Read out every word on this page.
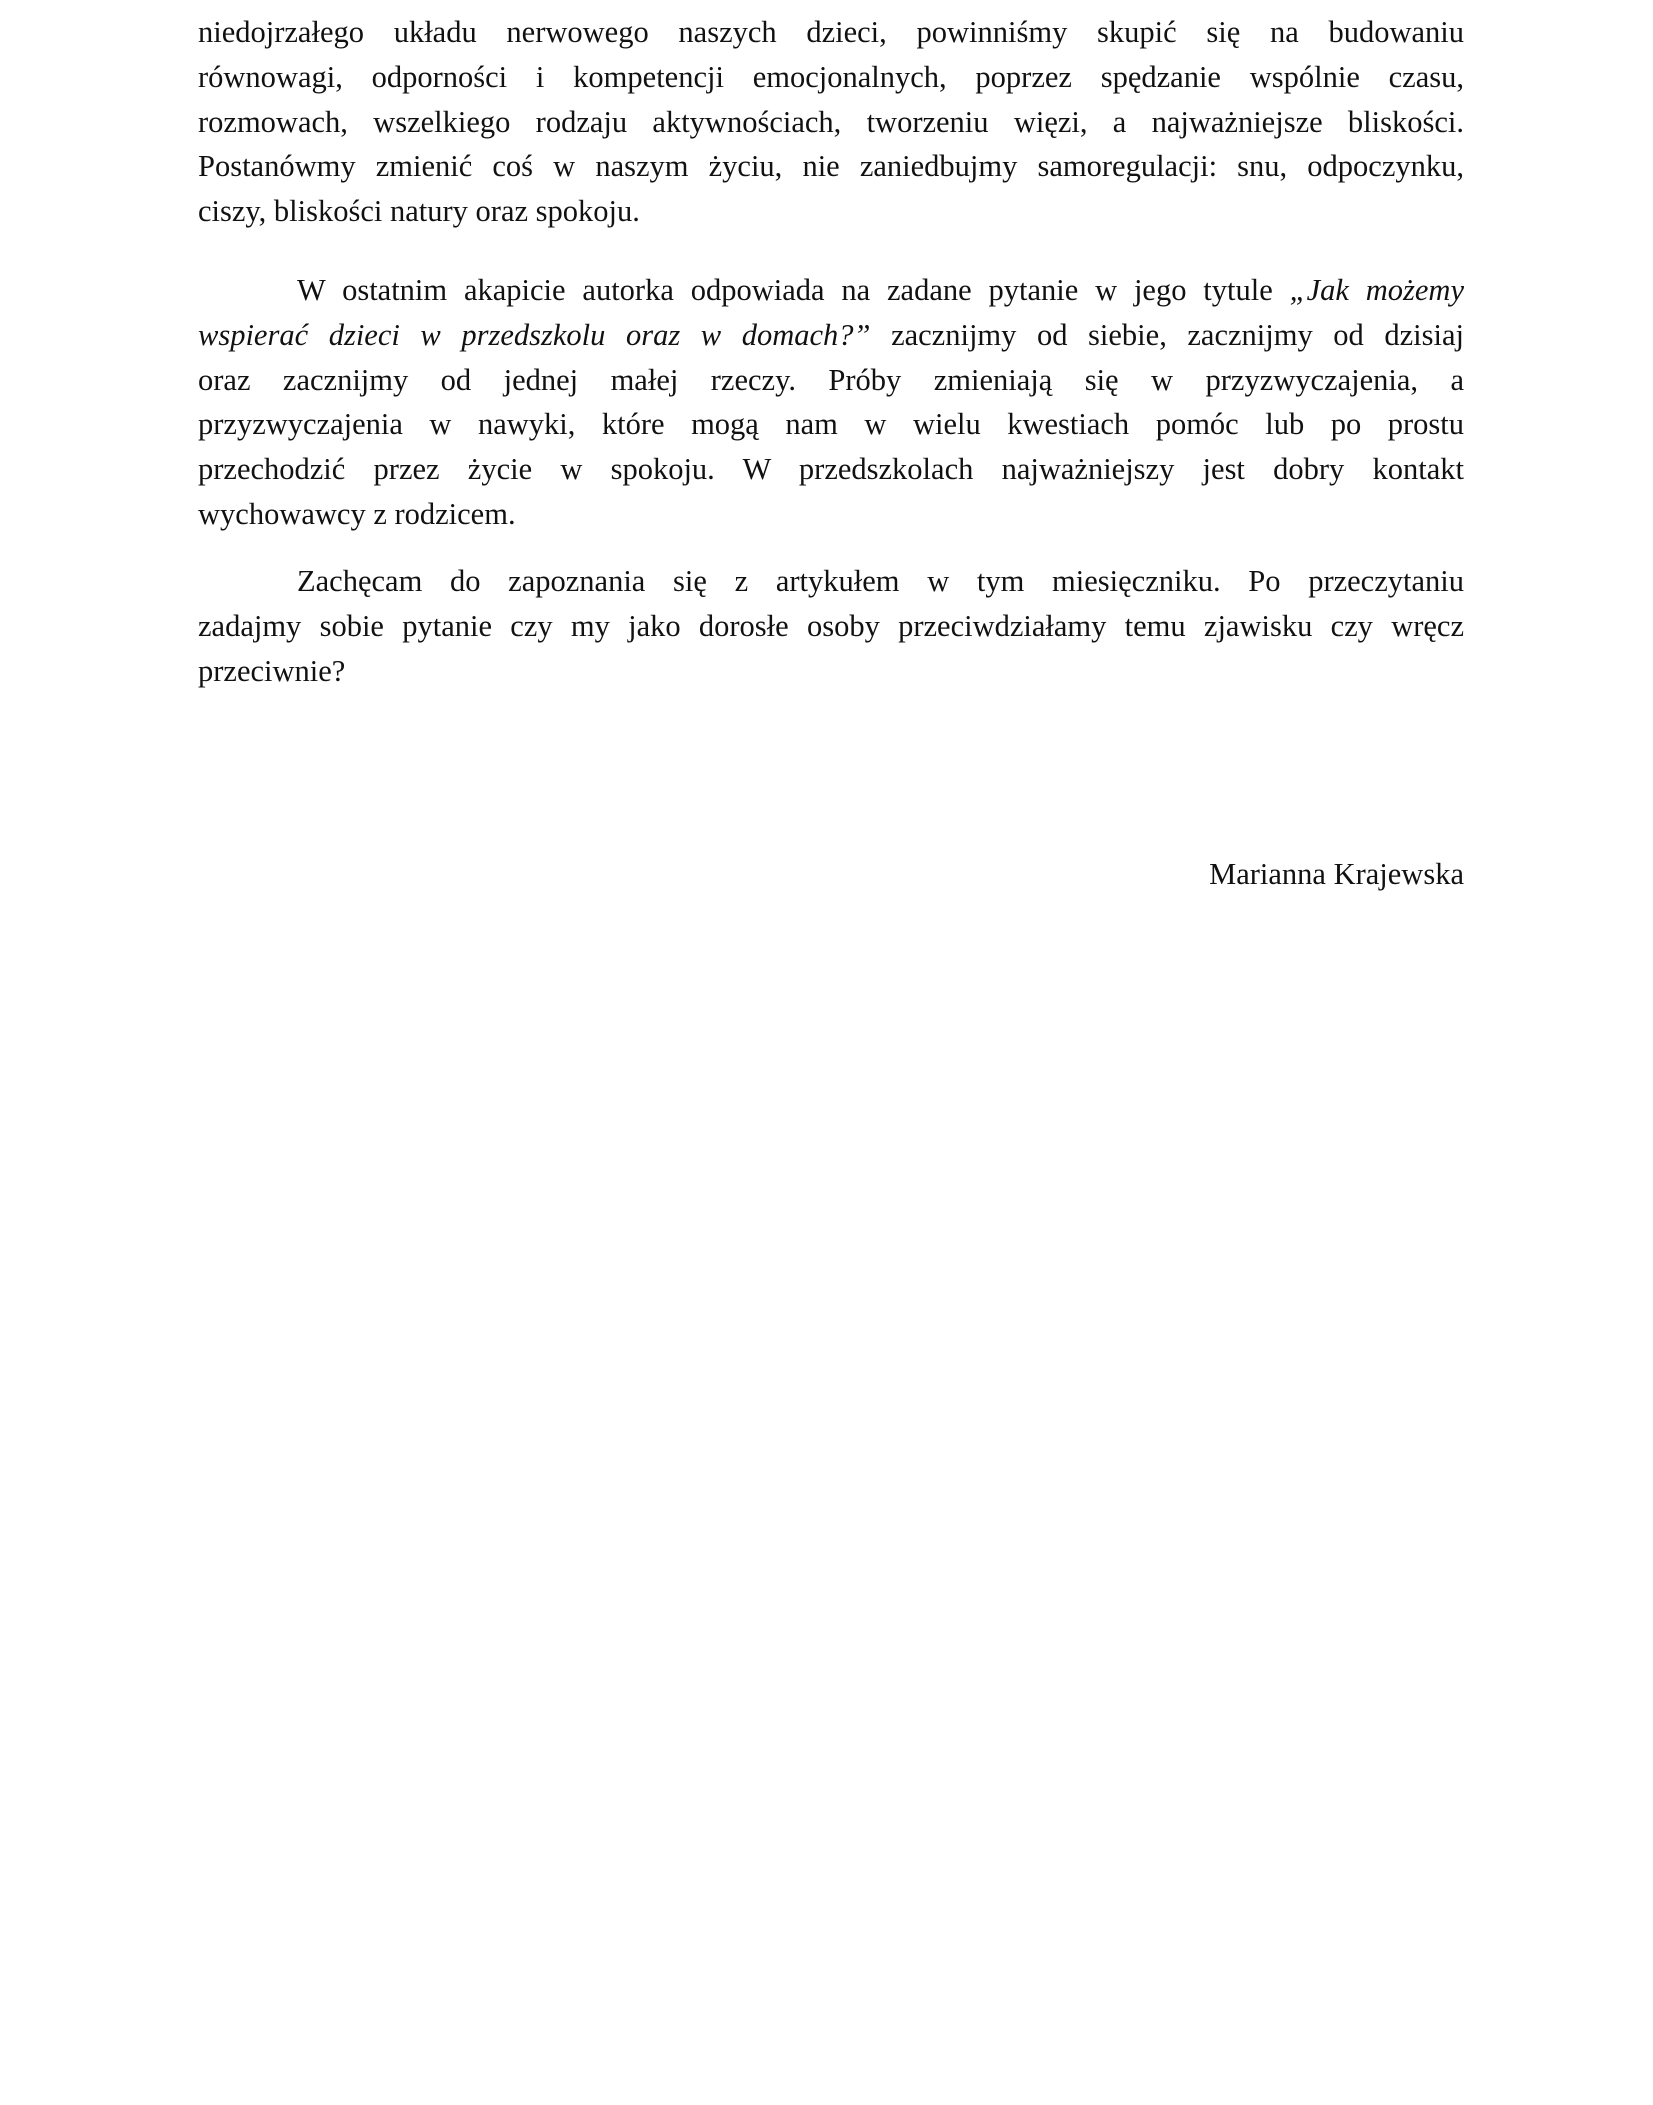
niedojrzałego układu nerwowego naszych dzieci, powinniśmy skupić się na budowaniu
równowagi, odporności i kompetencji emocjonalnych, poprzez spędzanie wspólnie czasu,
rozmowach, wszelkiego rodzaju aktywnościach, tworzeniu więzi, a najważniejsze bliskości.
Postanówmy zmienić coś w naszym życiu, nie zaniedbujmy samoregulacji: snu, odpoczynku,
ciszy, bliskości natury oraz spokoju.
W ostatnim akapicie autorka odpowiada na zadane pytanie w jego tytule „Jak możemy
wspierać dzieci w przedszkolu oraz w domach?” zacznijmy od siebie, zacznijmy od dzisiaj
oraz zacznijmy od jednej małej rzeczy. Próby zmieniają się w przyzwyczajenia, a
przyzwyczajenia w nawyki, które mogą nam w wielu kwestiach pomóc lub po prostu
przechodzić przez życie w spokoju. W przedszkolach najważniejszy jest dobry kontakt
wychowawcy z rodzicem.
Zachęcam do zapoznania się z artykułem w tym miesięczniku. Po przeczytaniu
zadajmy sobie pytanie czy my jako dorosłe osoby przeciwdziałamy temu zjawisku czy wręcz
przeciwnie?
Marianna Krajewska
